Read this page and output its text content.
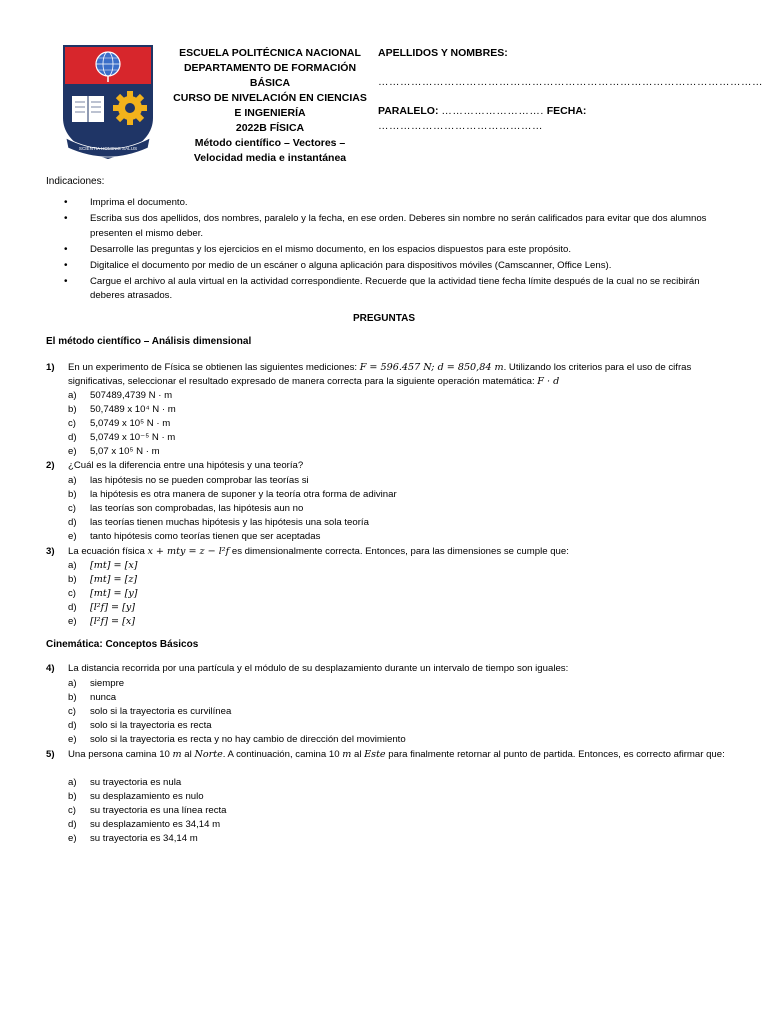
SCIENTIA HOMINIS SALUS
ESCUELA POLITÉCNICA NACIONAL
DEPARTAMENTO DE FORMACIÓN
BÁSICA
CURSO DE NIVELACIÓN EN CIENCIAS
E INGENIERÍA
2022B FÍSICA
Método científico – Vectores –
Velocidad media e instantánea
APELLIDOS Y NOMBRES:
……………………………………………………………………………………………
PARALELO: ………………………. FECHA: ………………………………………
Indicaciones:
• Imprima el documento.
• Escriba sus dos apellidos, dos nombres, paralelo y la fecha, en ese orden. Deberes sin nombre no serán calificados para evitar que dos alumnos presenten el mismo deber.
• Desarrolle las preguntas y los ejercicios en el mismo documento, en los espacios dispuestos para este propósito.
• Digitalice el documento por medio de un escáner o alguna aplicación para dispositivos móviles (Camscanner, Office Lens).
• Cargue el archivo al aula virtual en la actividad correspondiente. Recuerde que la actividad tiene fecha límite después de la cual no se recibirán deberes atrasados.
PREGUNTAS
El método científico – Análisis dimensional
1) En un experimento de Física se obtienen las siguientes mediciones: F = 596.457 N; d = 850,84 m. Utilizando los criterios para el uso de cifras significativas, seleccionar el resultado expresado de manera correcta para la siguiente operación matemática: F · d
a) 507489,4739 N · m
b) 50,7489 x 10⁴ N · m
c) 5,0749 x 10⁵ N · m
d) 5,0749 x 10⁻⁵ N · m
e) 5,07 x 10⁵ N · m
2) ¿Cuál es la diferencia entre una hipótesis y una teoría?
a) las hipótesis no se pueden comprobar las teorías si
b) la hipótesis es otra manera de suponer y la teoría otra forma de adivinar
c) las teorías son comprobadas, las hipótesis aun no
d) las teorías tienen muchas hipótesis y las hipótesis una sola teoría
e) tanto hipótesis como teorías tienen que ser aceptadas
3) La ecuación física x + mty = z − l²f es dimensionalmente correcta. Entonces, para las dimensiones se cumple que:
a) [mt] = [x]
b) [mt] = [z]
c) [mt] = [y]
d) [l²f] = [y]
e) [l²f] = [x]
Cinemática: Conceptos Básicos
4) La distancia recorrida por una partícula y el módulo de su desplazamiento durante un intervalo de tiempo son iguales:
a) siempre
b) nunca
c) solo si la trayectoria es curvilínea
d) solo si la trayectoria es recta
e) solo si la trayectoria es recta y no hay cambio de dirección del movimiento
5) Una persona camina 10 m al Norte. A continuación, camina 10 m al Este para finalmente retornar al punto de partida. Entonces, es correcto afirmar que:
a) su trayectoria es nula
b) su desplazamiento es nulo
c) su trayectoria es una línea recta
d) su desplazamiento es 34,14 m
e) su trayectoria es 34,14 m
